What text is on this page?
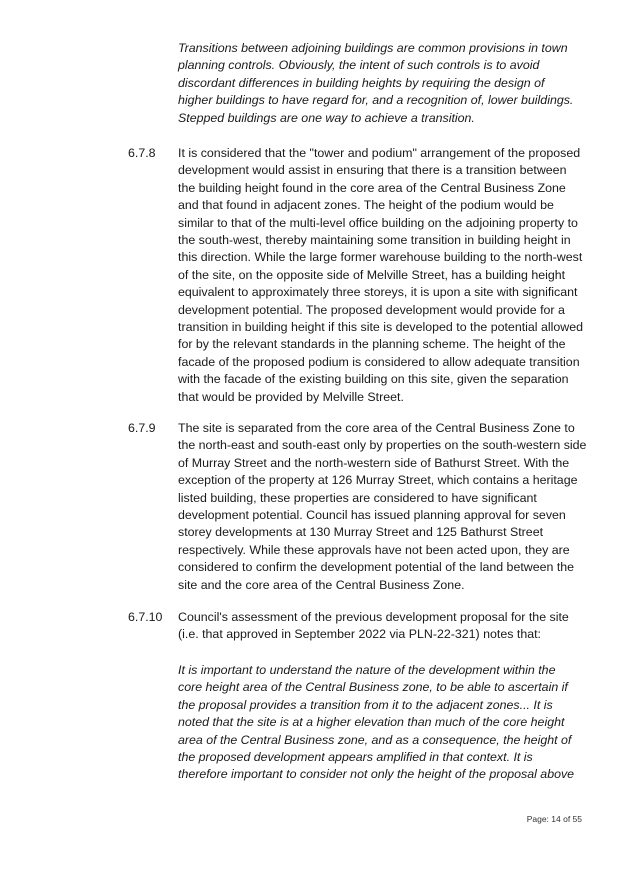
Transitions between adjoining buildings are common provisions in town
planning controls. Obviously, the intent of such controls is to avoid
discordant differences in building heights by requiring the design of
higher buildings to have regard for, and a recognition of, lower buildings.
Stepped buildings are one way to achieve a transition.
6.7.8 It is considered that the "tower and podium" arrangement of the proposed
development would assist in ensuring that there is a transition between
the building height found in the core area of the Central Business Zone
and that found in adjacent zones. The height of the podium would be
similar to that of the multi-level office building on the adjoining property to
the south-west, thereby maintaining some transition in building height in
this direction. While the large former warehouse building to the north-west
of the site, on the opposite side of Melville Street, has a building height
equivalent to approximately three storeys, it is upon a site with significant
development potential. The proposed development would provide for a
transition in building height if this site is developed to the potential allowed
for by the relevant standards in the planning scheme. The height of the
facade of the proposed podium is considered to allow adequate transition
with the facade of the existing building on this site, given the separation
that would be provided by Melville Street.
6.7.9 The site is separated from the core area of the Central Business Zone to
the north-east and south-east only by properties on the south-western side
of Murray Street and the north-western side of Bathurst Street. With the
exception of the property at 126 Murray Street, which contains a heritage
listed building, these properties are considered to have significant
development potential. Council has issued planning approval for seven
storey developments at 130 Murray Street and 125 Bathurst Street
respectively. While these approvals have not been acted upon, they are
considered to confirm the development potential of the land between the
site and the core area of the Central Business Zone.
6.7.10 Council's assessment of the previous development proposal for the site
(i.e. that approved in September 2022 via PLN-22-321) notes that:
It is important to understand the nature of the development within the
core height area of the Central Business zone, to be able to ascertain if
the proposal provides a transition from it to the adjacent zones... It is
noted that the site is at a higher elevation than much of the core height
area of the Central Business zone, and as a consequence, the height of
the proposed development appears amplified in that context. It is
therefore important to consider not only the height of the proposal above
Page: 14 of 55
